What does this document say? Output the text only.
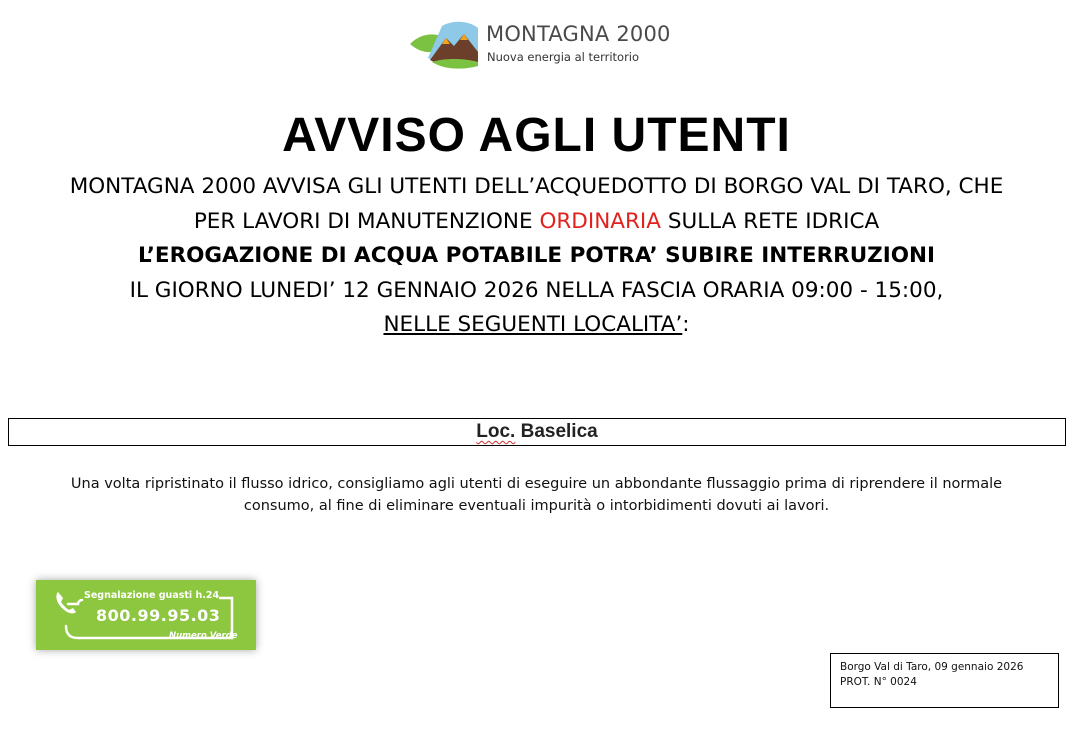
MONTAGNA 2000
Nuova energia al territorio
AVVISO AGLI UTENTI
MONTAGNA 2000 AVVISA GLI UTENTI DELL’ACQUEDOTTO DI BORGO VAL DI TARO, CHE
PER LAVORI DI MANUTENZIONE ORDINARIA SULLA RETE IDRICA
L’EROGAZIONE DI ACQUA POTABILE POTRA’ SUBIRE INTERRUZIONI
IL GIORNO LUNEDI’ 12 GENNAIO 2026 NELLA FASCIA ORARIA 09:00 - 15:00,
NELLE SEGUENTI LOCALITA’:
Loc. Baselica
Una volta ripristinato il flusso idrico, consigliamo agli utenti di eseguire un abbondante flussaggio prima di riprendere il normale consumo, al fine di eliminare eventuali impurità o intorbidimenti dovuti ai lavori.
Segnalazione guasti h.24
800.99.95.03
Numero Verde
Borgo Val di Taro, 09 gennaio 2026
PROT. N° 0024
